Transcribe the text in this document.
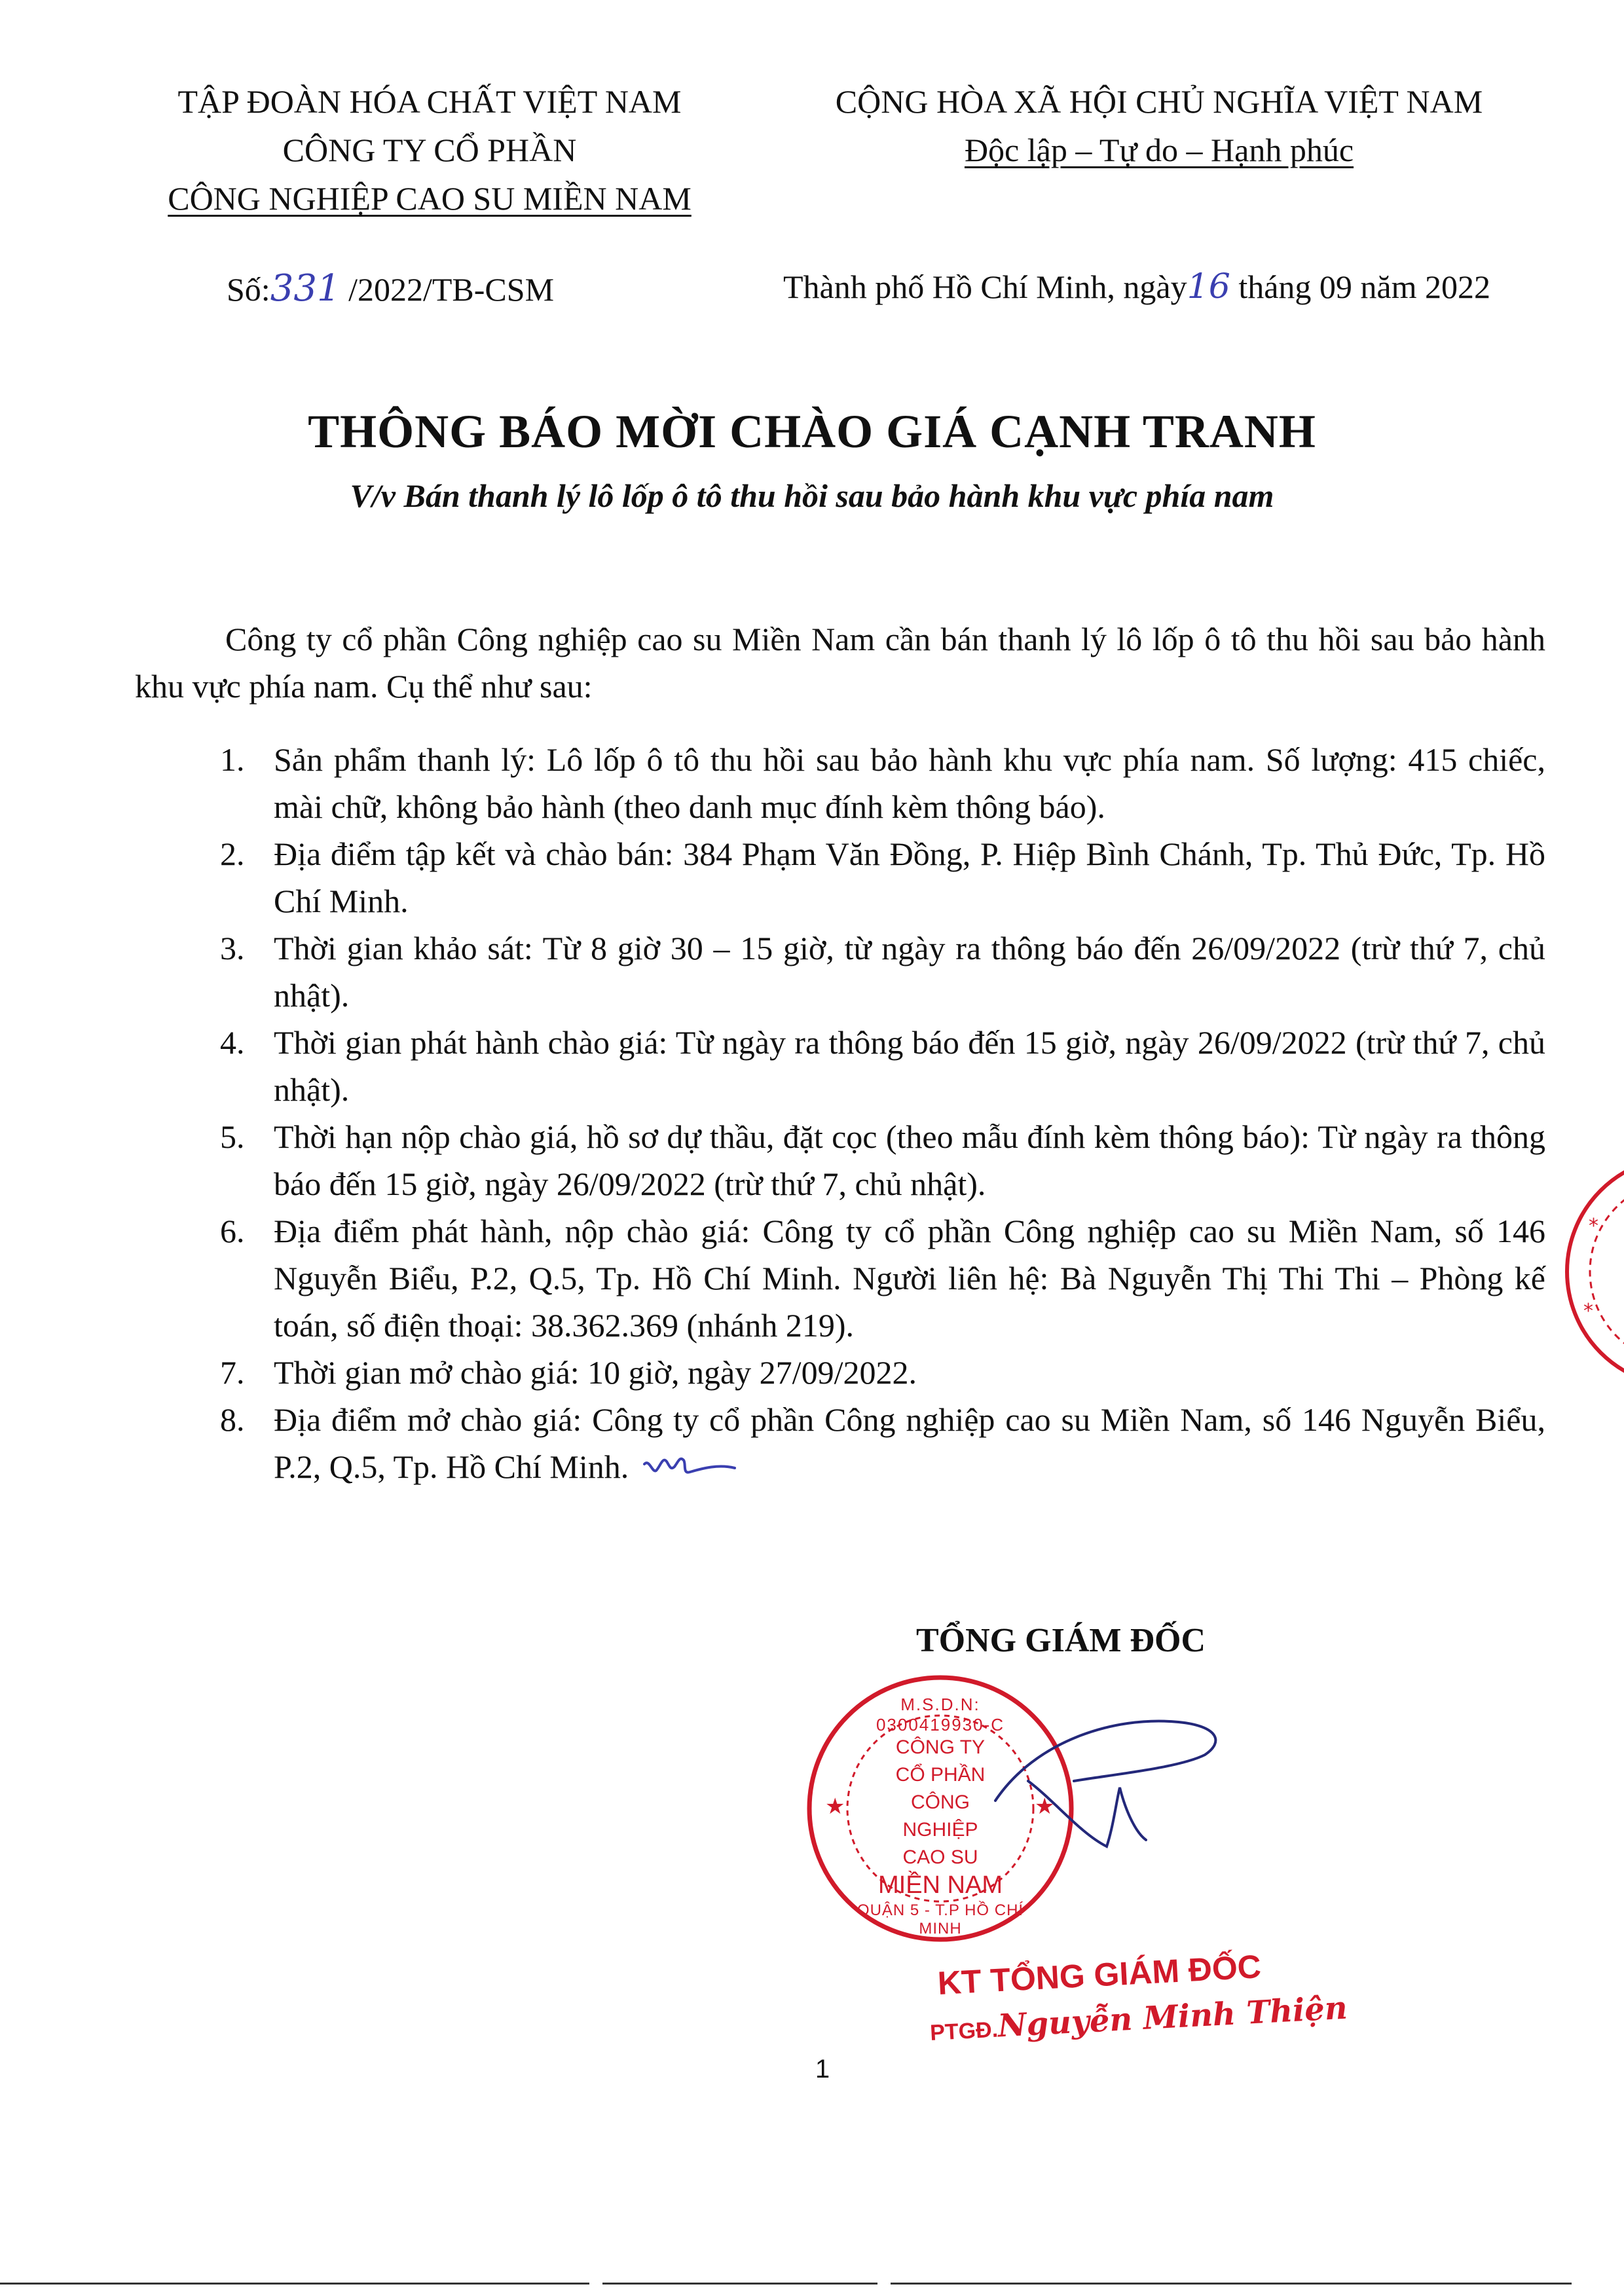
TẬP ĐOÀN HÓA CHẤT VIỆT NAM
CÔNG TY CỔ PHẦN
CÔNG NGHIỆP CAO SU MIỀN NAM
CỘNG HÒA XÃ HỘI CHỦ NGHĨA VIỆT NAM
Độc lập – Tự do – Hạnh phúc
Số:331 /2022/TB-CSM	Thành phố Hồ Chí Minh, ngày16 tháng 09 năm 2022
THÔNG BÁO MỜI CHÀO GIÁ CẠNH TRANH
V/v Bán thanh lý lô lốp ô tô thu hồi sau bảo hành khu vực phía nam
Công ty cổ phần Công nghiệp cao su Miền Nam cần bán thanh lý lô lốp ô tô thu hồi sau bảo hành khu vực phía nam. Cụ thể như sau:
1. Sản phẩm thanh lý: Lô lốp ô tô thu hồi sau bảo hành khu vực phía nam. Số lượng: 415 chiếc, mài chữ, không bảo hành (theo danh mục đính kèm thông báo).
2. Địa điểm tập kết và chào bán: 384 Phạm Văn Đồng, P. Hiệp Bình Chánh, Tp. Thủ Đức, Tp. Hồ Chí Minh.
3. Thời gian khảo sát: Từ 8 giờ 30 – 15 giờ, từ ngày ra thông báo đến 26/09/2022 (trừ thứ 7, chủ nhật).
4. Thời gian phát hành chào giá: Từ ngày ra thông báo đến 15 giờ, ngày 26/09/2022 (trừ thứ 7, chủ nhật).
5. Thời hạn nộp chào giá, hồ sơ dự thầu, đặt cọc (theo mẫu đính kèm thông báo): Từ ngày ra thông báo đến 15 giờ, ngày 26/09/2022 (trừ thứ 7, chủ nhật).
6. Địa điểm phát hành, nộp chào giá: Công ty cổ phần Công nghiệp cao su Miền Nam, số 146 Nguyễn Biểu, P.2, Q.5, Tp. Hồ Chí Minh. Người liên hệ: Bà Nguyễn Thị Thi Thi – Phòng kế toán, số điện thoại: 38.362.369 (nhánh 219).
7. Thời gian mở chào giá: 10 giờ, ngày 27/09/2022.
8. Địa điểm mở chào giá: Công ty cổ phần Công nghiệp cao su Miền Nam, số 146 Nguyễn Biểu, P.2, Q.5, Tp. Hồ Chí Minh.
*
*
TỔNG GIÁM ĐỐC
★	★
M.S.D.N: 0300419930-C
CÔNG TY
CỔ PHẦN
CÔNG NGHIỆP
CAO SU
MIỀN NAM
QUẬN 5 - T.P HỒ CHÍ MINH
KT TỔNG GIÁM ĐỐC
PTGĐ.Nguyễn Minh Thiện
1
